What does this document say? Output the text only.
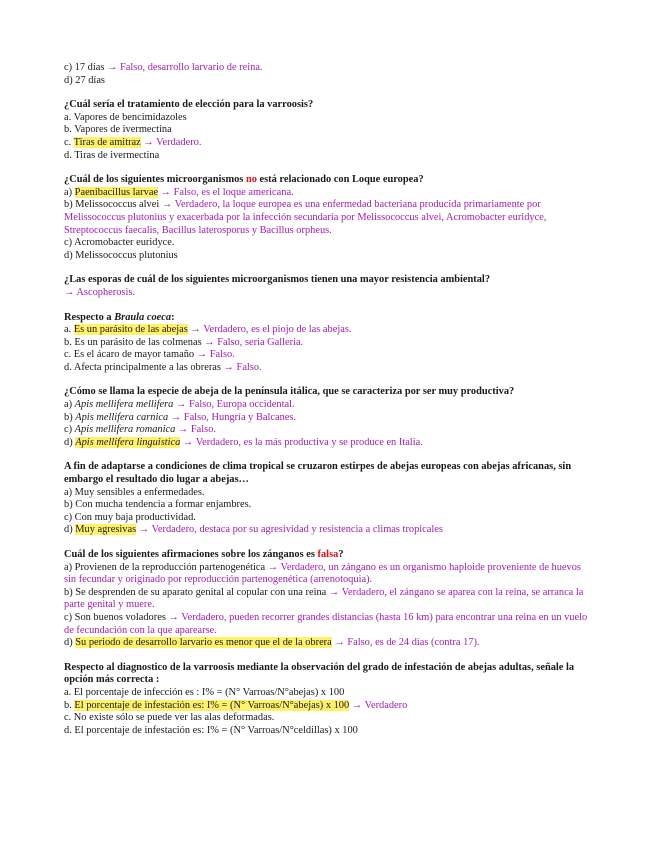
c) 17 días → Falso, desarrollo larvario de reina.
d) 27 días
¿Cuál sería el tratamiento de elección para la varroosis?
a. Vapores de bencimidazoles
b. Vapores de ivermectina
c. Tiras de amitraz → Verdadero.
d. Tiras de ivermectina
¿Cuál de los siguientes microorganismos no está relacionado con Loque europea?
a) Paenibacillus larvae → Falso, es el loque americana.
b) Melissococcus alvei → Verdadero, la loque europea es una enfermedad bacteriana producida primariamente por Melissococcus plutonius y exacerbada por la infección secundaria por Melissococcus alvei, Acromobacter euridyce, Streptococcus faecalis, Bacillus laterosporus y Bacillus orpheus.
c) Acromobacter euridyce.
d) Melissococcus plutonius
¿Las esporas de cuál de los siguientes microorganismos tienen una mayor resistencia ambiental?
→ Ascopherosis.
Respecto a Braula coeca:
a. Es un parásito de las abejas → Verdadero, es el piojo de las abejas.
b. Es un parásito de las colmenas → Falso, sería Galleria.
c. Es el ácaro de mayor tamaño → Falso.
d. Afecta principalmente a las obreras → Falso.
¿Cómo se llama la especie de abeja de la península itálica, que se caracteriza por ser muy productiva?
a) Apis mellifera mellifera → Falso, Europa occidental.
b) Apis mellifera carnica → Falso, Hungría y Balcanes.
c) Apis mellifera romanica → Falso.
d) Apis mellifera linguistica → Verdadero, es la más productiva y se produce en Italia.
A fin de adaptarse a condiciones de clima tropical se cruzaron estirpes de abejas europeas con abejas africanas, sin embargo el resultado dio lugar a abejas…
a) Muy sensibles a enfermedades.
b) Con mucha tendencia a formar enjambres.
c) Con muy baja productividad.
d) Muy agresivas → Verdadero, destaca por su agresividad y resistencia a climas tropicales
Cuál de los siguientes afirmaciones sobre los zánganos es falsa?
a) Provienen de la reproducción partenogenética → Verdadero, un zángano es un organismo haploide proveniente de huevos sin fecundar y originado por reproducción partenogenética (arrenotoquia).
b) Se desprenden de su aparato genital al copular con una reina → Verdadero, el zángano se aparea con la reina, se arranca la parte genital y muere.
c) Son buenos voladores → Verdadero, pueden recorrer grandes distancias (hasta 16 km) para encontrar una reina en un vuelo de fecundación con la que aparearse.
d) Su periodo de desarrollo larvario es menor que el de la obrera → Falso, es de 24 días (contra 17).
Respecto al diagnostico de la varroosis mediante la observación del grado de infestación de abejas adultas, señale la opción más correcta :
a. El porcentaje de infección es : I% = (N° Varroas/N°abejas) x 100
b. El porcentaje de infestación es: I% = (N° Varroas/N°abejas) x 100 → Verdadero
c. No existe sólo se puede ver las alas deformadas.
d. El porcentaje de infestación es: I% = (N° Varroas/N°celdillas) x 100
